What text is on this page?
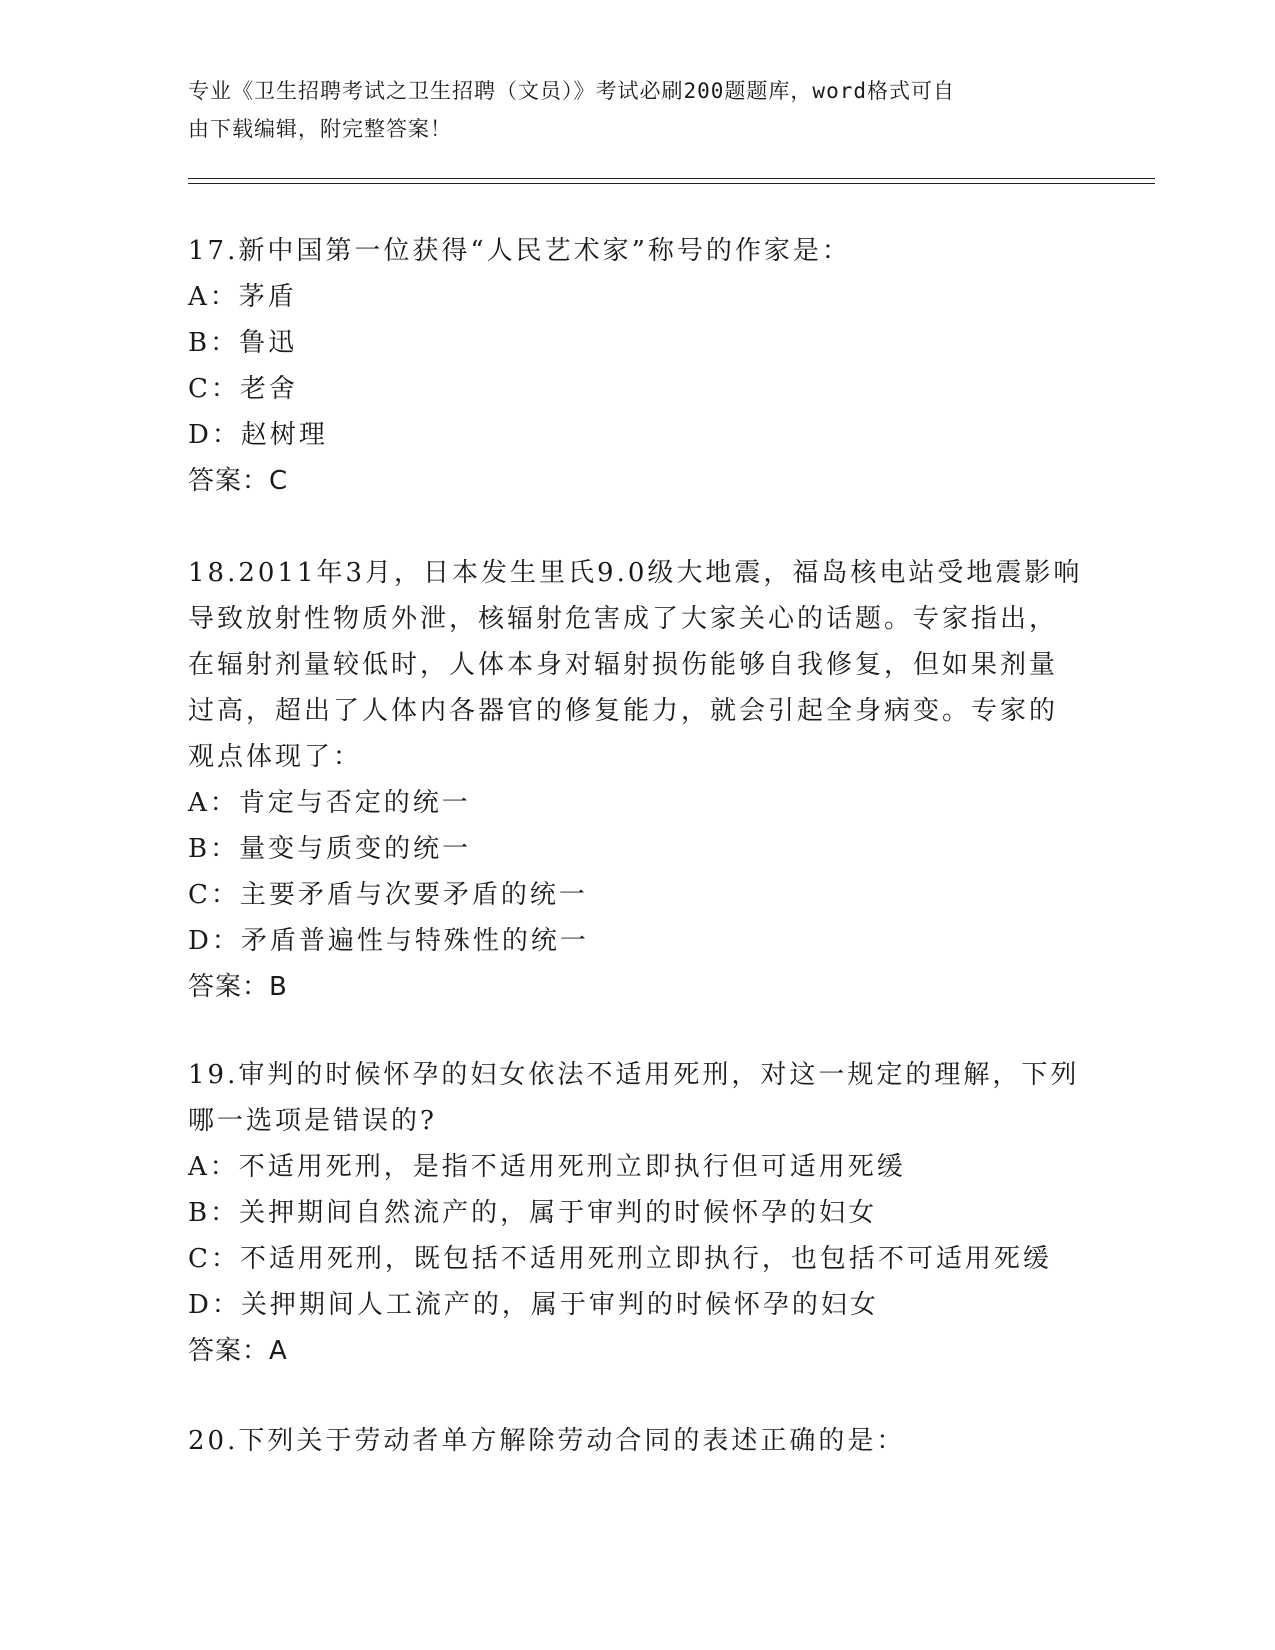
专业《卫生招聘考试之卫生招聘（文员）》考试必刷200题题库，word格式可自
由下载编辑，附完整答案！

17.新中国第一位获得“人民艺术家”称号的作家是：

A：茅盾

B：鲁迅

C：老舍

D：赵树理

答案：C

18.2011年3月，日本发生里氏9.0级大地震，福岛核电站受地震影响

导致放射性物质外泄，核辐射危害成了大家关心的话题。专家指出，

在辐射剂量较低时，人体本身对辐射损伤能够自我修复，但如果剂量

过高，超出了人体内各器官的修复能力，就会引起全身病变。专家的

观点体现了：

A：肯定与否定的统一

B：量变与质变的统一

C：主要矛盾与次要矛盾的统一

D：矛盾普遍性与特殊性的统一

答案：B

19.审判的时候怀孕的妇女依法不适用死刑，对这一规定的理解，下列

哪一选项是错误的?

A：不适用死刑，是指不适用死刑立即执行但可适用死缓

B：关押期间自然流产的，属于审判的时候怀孕的妇女

C：不适用死刑，既包括不适用死刑立即执行，也包括不可适用死缓

D：关押期间人工流产的，属于审判的时候怀孕的妇女

答案：A

20.下列关于劳动者单方解除劳动合同的表述正确的是：
